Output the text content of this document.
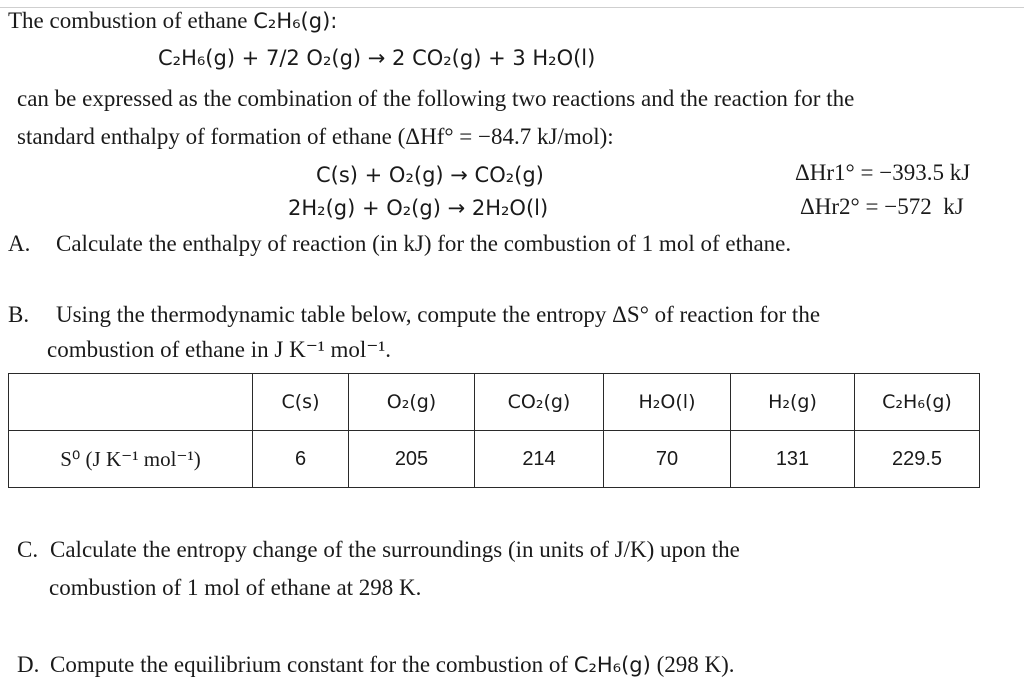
The combustion of ethane C₂H₆(g):
C₂H₆(g) + 7/2 O₂(g) → 2 CO₂(g) + 3 H₂O(l)
can be expressed as the combination of the following two reactions and the reaction for the
standard enthalpy of formation of ethane (ΔHf° = −84.7 kJ/mol):
C(s) + O₂(g) → CO₂(g)	ΔHr1° = −393.5 kJ
2H₂(g) + O₂(g) → 2H₂O(l)	ΔHr2° = −572  kJ
A. Calculate the enthalpy of reaction (in kJ) for the combustion of 1 mol of ethane.
B. Using the thermodynamic table below, compute the entropy ΔS° of reaction for the
combustion of ethane in J K⁻¹ mol⁻¹.
	C(s)	O₂(g)	CO₂(g)	H₂O(l)	H₂(g)	C₂H₆(g)
S⁰ (J K⁻¹ mol⁻¹)	6	205	214	70	131	229.5
C. Calculate the entropy change of the surroundings (in units of J/K) upon the
combustion of 1 mol of ethane at 298 K.
D. Compute the equilibrium constant for the combustion of C₂H₆(g) (298 K).
